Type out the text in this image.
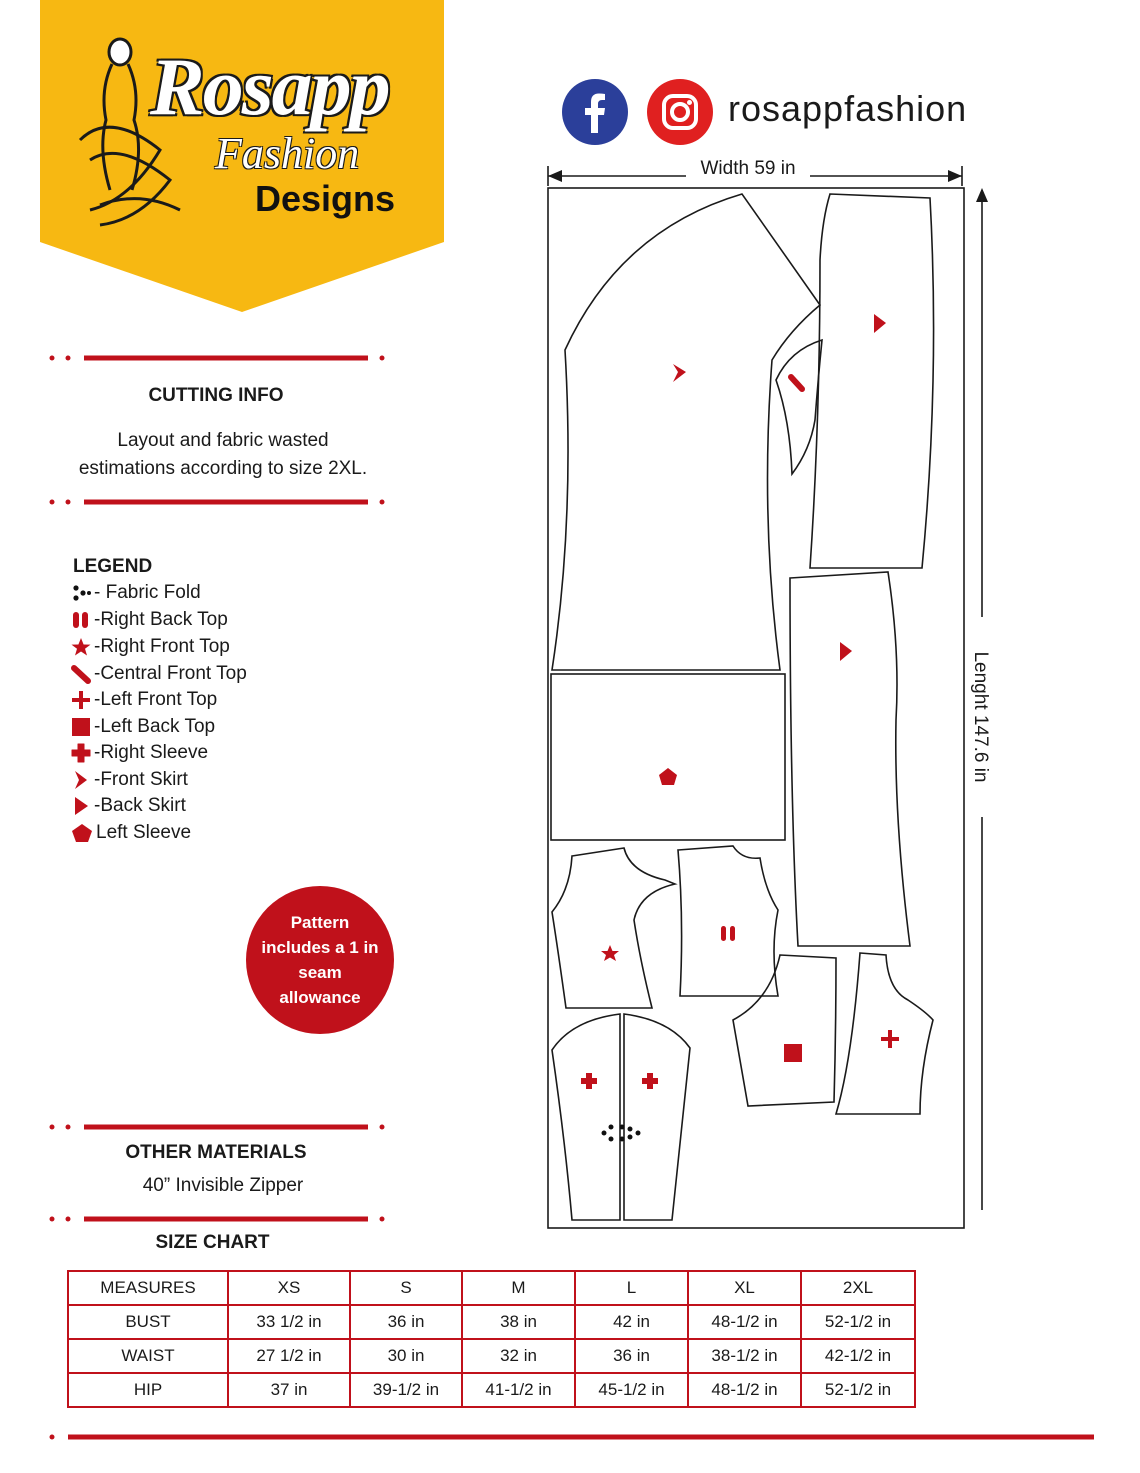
Rosapp
Fashion
Designs
rosappfashion
CUTTING INFO
Layout and fabric wasted
estimations according to size 2XL.
LEGEND
- Fabric Fold
-Right Back Top
-Right Front Top
-Central Front Top
-Left Front Top
-Left Back Top
-Right Sleeve
-Front Skirt
-Back Skirt
Left Sleeve
Pattern includes a 1 in seam allowance
OTHER MATERIALS
40” Invisible Zipper
SIZE CHART
MEASURES	XS	S	M	L	XL	2XL
BUST	33 1/2 in	36 in	38 in	42 in	48-1/2 in	52-1/2 in
WAIST	27 1/2 in	30 in	32 in	36 in	38-1/2 in	42-1/2 in
HIP	37 in	39-1/2 in	41-1/2 in	45-1/2 in	48-1/2 in	52-1/2 in
Width 59 in
Lenght 147.6 in
